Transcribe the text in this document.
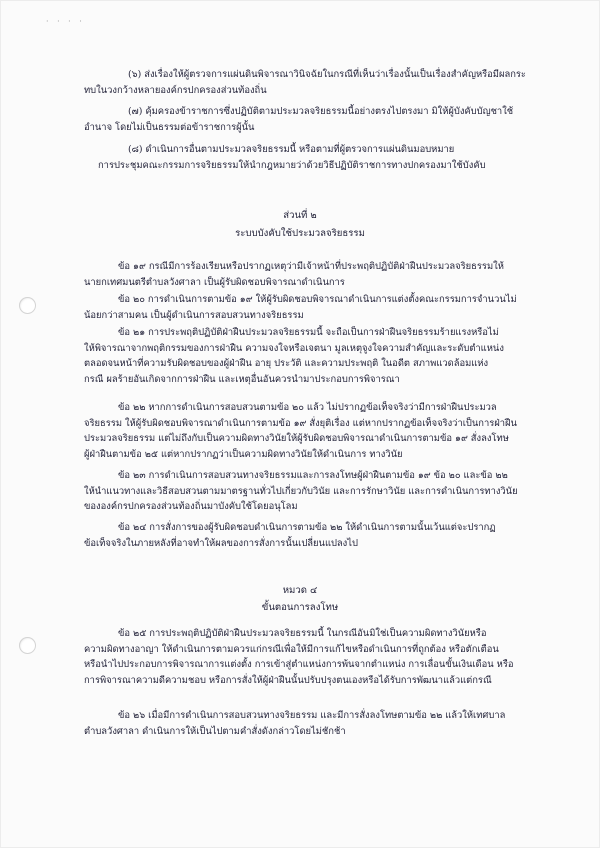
· · · ·
(๖) ส่งเรื่องให้ผู้ตรวจการแผ่นดินพิจารณาวินิจฉัยในกรณีที่เห็นว่าเรื่องนั้นเป็นเรื่องสำคัญหรือมีผลกระ
ทบในวงกว้างหลายองค์กรปกครองส่วนท้องถิ่น
(๗) คุ้มครองข้าราชการซึ่งปฏิบัติตามประมวลจริยธรรมนี้อย่างตรงไปตรงมา มิให้ผู้บังคับบัญชาใช้
อำนาจ โดยไม่เป็นธรรมต่อข้าราชการผู้นั้น
(๘) ดำเนินการอื่นตามประมวลจริยธรรมนี้ หรือตามที่ผู้ตรวจการแผ่นดินมอบหมาย
การประชุมคณะกรรมการจริยธรรมให้นำกฎหมายว่าด้วยวิธีปฏิบัติราชการทางปกครองมาใช้บังคับ
ส่วนที่ ๒
ระบบบังคับใช้ประมวลจริยธรรม
ข้อ ๑๙ กรณีมีการร้องเรียนหรือปรากฏเหตุว่ามีเจ้าหน้าที่ประพฤติปฏิบัติฝ่าฝืนประมวลจริยธรรมให้
นายกเทศมนตรีตำบลวังศาลา เป็นผู้รับผิดชอบพิจารณาดำเนินการ
ข้อ ๒๐ การดำเนินการตามข้อ ๑๙ ให้ผู้รับผิดชอบพิจารณาดำเนินการแต่งตั้งคณะกรรมการจำนวนไม่
น้อยกว่าสามคน เป็นผู้ดำเนินการสอบสวนทางจริยธรรม
ข้อ ๒๑ การประพฤติปฏิบัติฝ่าฝืนประมวลจริยธรรมนี้ จะถือเป็นการฝ่าฝืนจริยธรรมร้ายแรงหรือไม่
ให้พิจารณาจากพฤติกรรมของการฝ่าฝืน ความจงใจหรือเจตนา มูลเหตุจูงใจความสำคัญและระดับตำแหน่ง
ตลอดจนหน้าที่ความรับผิดชอบของผู้ฝ่าฝืน อายุ ประวัติ และความประพฤติ ในอดีต สภาพแวดล้อมแห่ง
กรณี ผลร้ายอันเกิดจากการฝ่าฝืน และเหตุอื่นอันควรนำมาประกอบการพิจารณา
ข้อ ๒๒ หากการดำเนินการสอบสวนตามข้อ ๒๐ แล้ว ไม่ปรากฏข้อเท็จจริงว่ามีการฝ่าฝืนประมวล
จริยธรรม ให้ผู้รับผิดชอบพิจารณาดำเนินการตามข้อ ๑๙ สั่งยุติเรื่อง แต่หากปรากฏข้อเท็จจริงว่าเป็นการฝ่าฝืน
ประมวลจริยธรรม แต่ไม่ถึงกับเป็นความผิดทางวินัยให้ผู้รับผิดชอบพิจารณาดำเนินการตามข้อ ๑๙ สั่งลงโทษ
ผู้ฝ่าฝืนตามข้อ ๒๕ แต่หากปรากฏว่าเป็นความผิดทางวินัยให้ดำเนินการ ทางวินัย
ข้อ ๒๓ การดำเนินการสอบสวนทางจริยธรรมและการลงโทษผู้ฝ่าฝืนตามข้อ ๑๙ ข้อ ๒๐ และข้อ ๒๒
ให้นำแนวทางและวิธีสอบสวนตามมาตรฐานทั่วไปเกี่ยวกับวินัย และการรักษาวินัย และการดำเนินการทางวินัย
ขององค์กรปกครองส่วนท้องถิ่นมาบังคับใช้โดยอนุโลม
ข้อ ๒๔ การสั่งการของผู้รับผิดชอบดำเนินการตามข้อ ๒๒ ให้ดำเนินการตามนั้นเว้นแต่จะปรากฏ
ข้อเท็จจริงในภายหลังที่อาจทำให้ผลของการสั่งการนั้นเปลี่ยนแปลงไป
หมวด ๔
ขั้นตอนการลงโทษ
ข้อ ๒๕ การประพฤติปฏิบัติฝ่าฝืนประมวลจริยธรรมนี้ ในกรณีอันมิใช่เป็นความผิดทางวินัยหรือ
ความผิดทางอาญา ให้ดำเนินการตามควรแก่กรณีเพื่อให้มีการแก้ไขหรือดำเนินการที่ถูกต้อง หรือตักเตือน
หรือนำไปประกอบการพิจารณาการแต่งตั้ง การเข้าสู่ตำแหน่งการพ้นจากตำแหน่ง การเลื่อนขั้นเงินเดือน หรือ
การพิจารณาความดีความชอบ หรือการสั่งให้ผู้ฝ่าฝืนนั้นปรับปรุงตนเองหรือได้รับการพัฒนาแล้วแต่กรณี
ข้อ ๒๖ เมื่อมีการดำเนินการสอบสวนทางจริยธรรม และมีการสั่งลงโทษตามข้อ ๒๒ แล้วให้เทศบาล
ตำบลวังศาลา ดำเนินการให้เป็นไปตามคำสั่งดังกล่าวโดยไม่ชักช้า
